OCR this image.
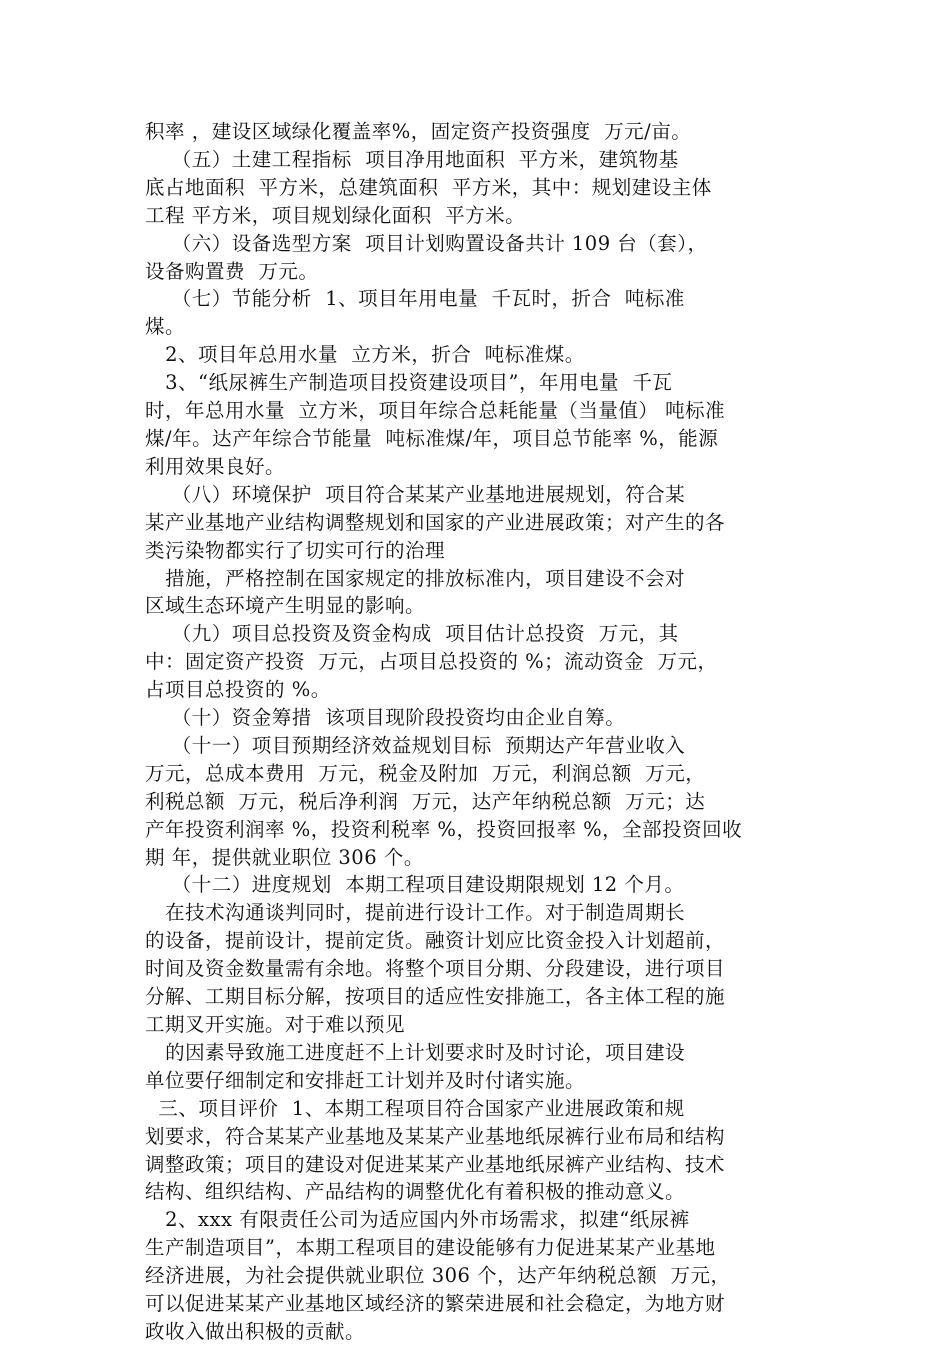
积率 ，建设区域绿化覆盖率%，固定资产投资强度  万元/亩。

（五）土建工程指标  项目净用地面积  平方米，建筑物基

底占地面积  平方米，总建筑面积  平方米，其中：规划建设主体

工程 平方米，项目规划绿化面积  平方米。

（六）设备选型方案  项目计划购置设备共计 109 台（套），

设备购置费  万元。

（七）节能分析  1、项目年用电量  千瓦时，折合  吨标准

煤。

2、项目年总用水量  立方米，折合  吨标准煤。

3、“纸尿裤生产制造项目投资建设项目”，年用电量  千瓦

时，年总用水量  立方米，项目年综合总耗能量（当量值） 吨标准

煤/年。达产年综合节能量  吨标准煤/年，项目总节能率 %，能源

利用效果良好。

（八）环境保护  项目符合某某产业基地进展规划，符合某

某产业基地产业结构调整规划和国家的产业进展政策；对产生的各

类污染物都实行了切实可行的治理

措施，严格控制在国家规定的排放标准内，项目建设不会对

区域生态环境产生明显的影响。

（九）项目总投资及资金构成  项目估计总投资  万元，其

中：固定资产投资  万元，占项目总投资的 %；流动资金  万元，

占项目总投资的 %。

（十）资金筹措  该项目现阶段投资均由企业自筹。

（十一）项目预期经济效益规划目标  预期达产年营业收入

万元，总成本费用  万元，税金及附加  万元，利润总额  万元，

利税总额  万元，税后净利润  万元，达产年纳税总额  万元；达

产年投资利润率 %，投资利税率 %，投资回报率 %，全部投资回收

期 年，提供就业职位 306 个。

（十二）进度规划  本期工程项目建设期限规划 12 个月。

在技术沟通谈判同时，提前进行设计工作。对于制造周期长

的设备，提前设计，提前定货。融资计划应比资金投入计划超前，

时间及资金数量需有余地。将整个项目分期、分段建设，进行项目

分解、工期目标分解，按项目的适应性安排施工，各主体工程的施

工期叉开实施。对于难以预见

的因素导致施工进度赶不上计划要求时及时讨论，项目建设

单位要仔细制定和安排赶工计划并及时付诸实施。

三、项目评价  1、本期工程项目符合国家产业进展政策和规

划要求，符合某某产业基地及某某产业基地纸尿裤行业布局和结构

调整政策；项目的建设对促进某某产业基地纸尿裤产业结构、技术

结构、组织结构、产品结构的调整优化有着积极的推动意义。

2、xxx 有限责任公司为适应国内外市场需求，拟建“纸尿裤

生产制造项目”，本期工程项目的建设能够有力促进某某产业基地

经济进展，为社会提供就业职位 306 个，达产年纳税总额  万元，

可以促进某某产业基地区域经济的繁荣进展和社会稳定，为地方财

政收入做出积极的贡献。
